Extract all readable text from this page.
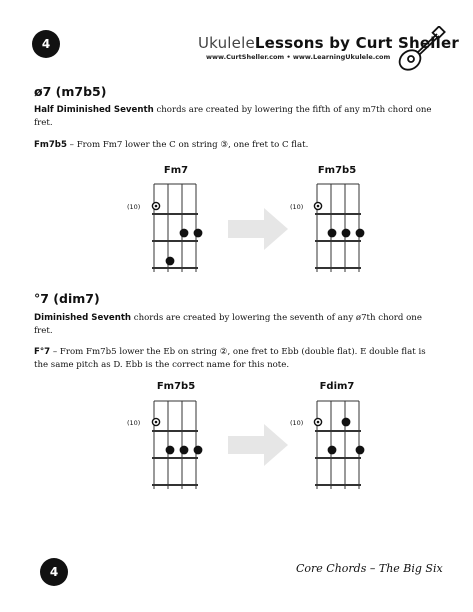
4	UkuleleLessons by Curt Sheller
www.CurtSheller.com • www.LearningUkulele.com
ø7 (m7b5)
Half Diminished Seventh chords are created by lowering the fifth of any m7th chord one fret.
Fm7b5 – From Fm7 lower the C on string ③, one fret to C flat.
Fm7
(10)
Fm7b5
(10)
°7 (dim7)
Diminished Seventh chords are created by lowering the seventh of any ø7th chord one fret.
F°7 – From Fm7b5 lower the Eb on string ②, one fret to Ebb (double flat). E double flat is the same pitch as D. Ebb is the correct name for this note.
Fm7b5
(10)
Fdim7
(10)
4	Core Chords – The Big Six
